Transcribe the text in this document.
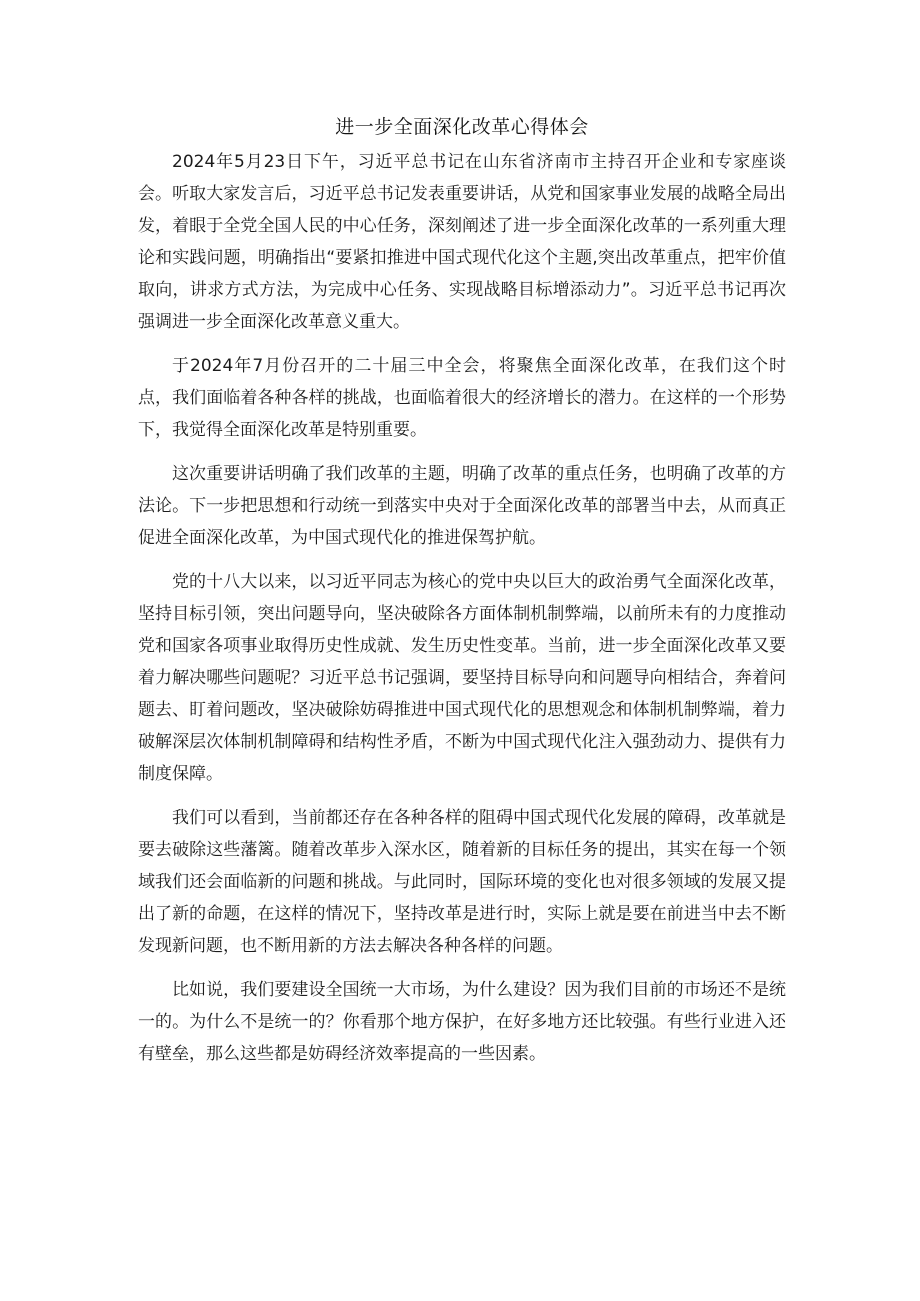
进一步全面深化改革心得体会

2024年5月23日下午，习近平总书记在山东省济南市主持召开企业和专家座谈会。听取大家发言后，习近平总书记发表重要讲话，从党和国家事业发展的战略全局出发，着眼于全党全国人民的中心任务，深刻阐述了进一步全面深化改革的一系列重大理论和实践问题，明确指出“要紧扣推进中国式现代化这个主题,突出改革重点，把牢价值取向，讲求方式方法，为完成中心任务、实现战略目标增添动力”。习近平总书记再次强调进一步全面深化改革意义重大。

于2024年7月份召开的二十届三中全会，将聚焦全面深化改革，在我们这个时点，我们面临着各种各样的挑战，也面临着很大的经济增长的潜力。在这样的一个形势下，我觉得全面深化改革是特别重要。

这次重要讲话明确了我们改革的主题，明确了改革的重点任务，也明确了改革的方法论。下一步把思想和行动统一到落实中央对于全面深化改革的部署当中去，从而真正促进全面深化改革，为中国式现代化的推进保驾护航。

党的十八大以来，以习近平同志为核心的党中央以巨大的政治勇气全面深化改革，坚持目标引领，突出问题导向，坚决破除各方面体制机制弊端，以前所未有的力度推动党和国家各项事业取得历史性成就、发生历史性变革。当前，进一步全面深化改革又要着力解决哪些问题呢？习近平总书记强调，要坚持目标导向和问题导向相结合，奔着问题去、盯着问题改，坚决破除妨碍推进中国式现代化的思想观念和体制机制弊端，着力破解深层次体制机制障碍和结构性矛盾，不断为中国式现代化注入强劲动力、提供有力制度保障。

我们可以看到，当前都还存在各种各样的阻碍中国式现代化发展的障碍，改革就是要去破除这些藩篱。随着改革步入深水区，随着新的目标任务的提出，其实在每一个领域我们还会面临新的问题和挑战。与此同时，国际环境的变化也对很多领域的发展又提出了新的命题，在这样的情况下，坚持改革是进行时，实际上就是要在前进当中去不断发现新问题，也不断用新的方法去解决各种各样的问题。

比如说，我们要建设全国统一大市场，为什么建设？因为我们目前的市场还不是统一的。为什么不是统一的？你看那个地方保护，在好多地方还比较强。有些行业进入还有壁垒，那么这些都是妨碍经济效率提高的一些因素。
